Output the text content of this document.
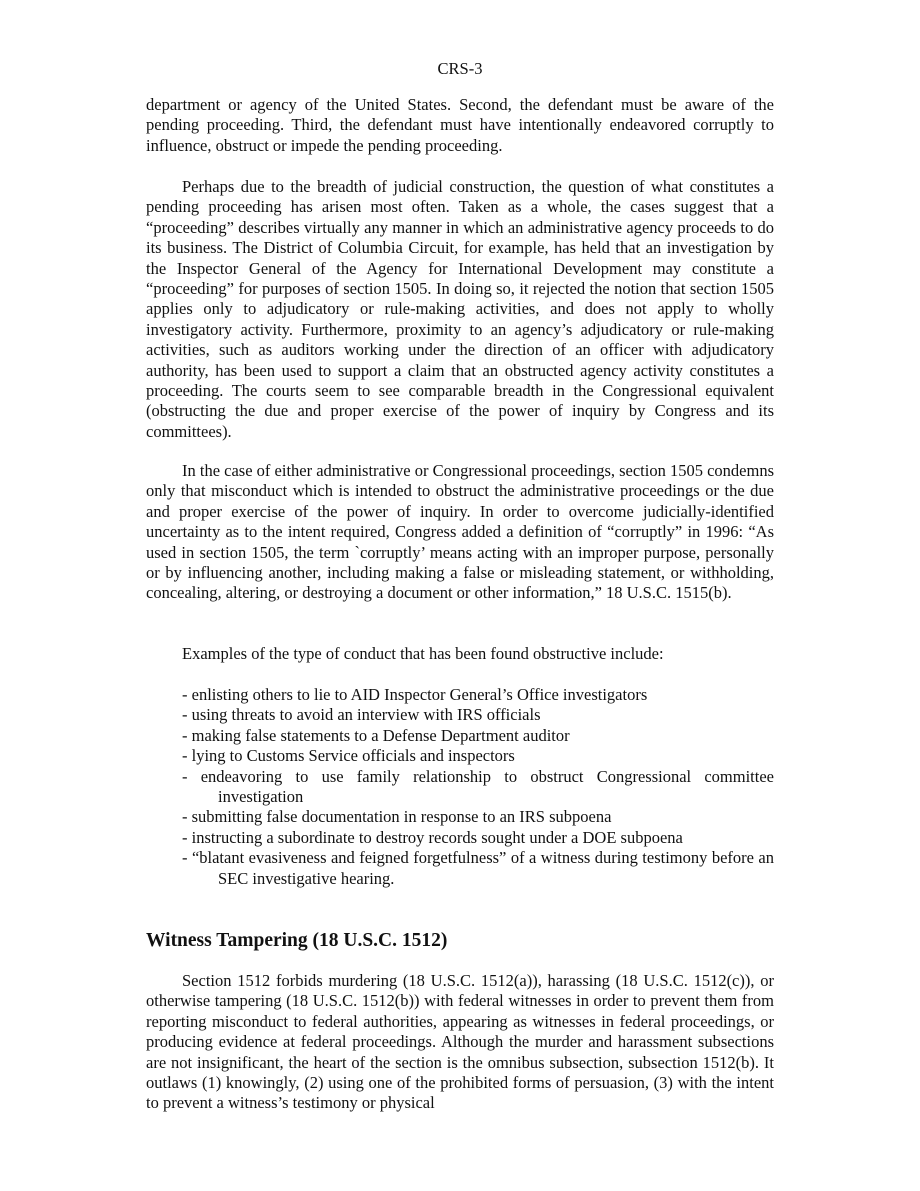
CRS-3

department or agency of the United States. Second, the defendant must be aware of the pending proceeding. Third, the defendant must have intentionally endeavored corruptly to influence, obstruct or impede the pending proceeding.

Perhaps due to the breadth of judicial construction, the question of what constitutes a pending proceeding has arisen most often. Taken as a whole, the cases suggest that a “proceeding” describes virtually any manner in which an administrative agency proceeds to do its business. The District of Columbia Circuit, for example, has held that an investigation by the Inspector General of the Agency for International Development may constitute a “proceeding” for purposes of section 1505. In doing so, it rejected the notion that section 1505 applies only to adjudicatory or rule-making activities, and does not apply to wholly investigatory activity. Furthermore, proximity to an agency’s adjudicatory or rule-making activities, such as auditors working under the direction of an officer with adjudicatory authority, has been used to support a claim that an obstructed agency activity constitutes a proceeding. The courts seem to see comparable breadth in the Congressional equivalent (obstructing the due and proper exercise of the power of inquiry by Congress and its committees).

In the case of either administrative or Congressional proceedings, section 1505 condemns only that misconduct which is intended to obstruct the administrative proceedings or the due and proper exercise of the power of inquiry. In order to overcome judicially-identified uncertainty as to the intent required, Congress added a definition of “corruptly” in 1996: “As used in section 1505, the term `corruptly’ means acting with an improper purpose, personally or by influencing another, including making a false or misleading statement, or withholding, concealing, altering, or destroying a document or other information,” 18 U.S.C. 1515(b).

Examples of the type of conduct that has been found obstructive include:

- enlisting others to lie to AID Inspector General’s Office investigators
- using threats to avoid an interview with IRS officials
- making false statements to a Defense Department auditor
- lying to Customs Service officials and inspectors
- endeavoring to use family relationship to obstruct Congressional committee investigation
- submitting false documentation in response to an IRS subpoena
- instructing a subordinate to destroy records sought under a DOE subpoena
- “blatant evasiveness and feigned forgetfulness” of a witness during testimony before an SEC investigative hearing.
Witness Tampering (18 U.S.C. 1512)

Section 1512 forbids murdering (18 U.S.C. 1512(a)), harassing (18 U.S.C. 1512(c)), or otherwise tampering (18 U.S.C. 1512(b)) with federal witnesses in order to prevent them from reporting misconduct to federal authorities, appearing as witnesses in federal proceedings, or producing evidence at federal proceedings. Although the murder and harassment subsections are not insignificant, the heart of the section is the omnibus subsection, subsection 1512(b). It outlaws (1) knowingly, (2) using one of the prohibited forms of persuasion, (3) with the intent to prevent a witness’s testimony or physical
